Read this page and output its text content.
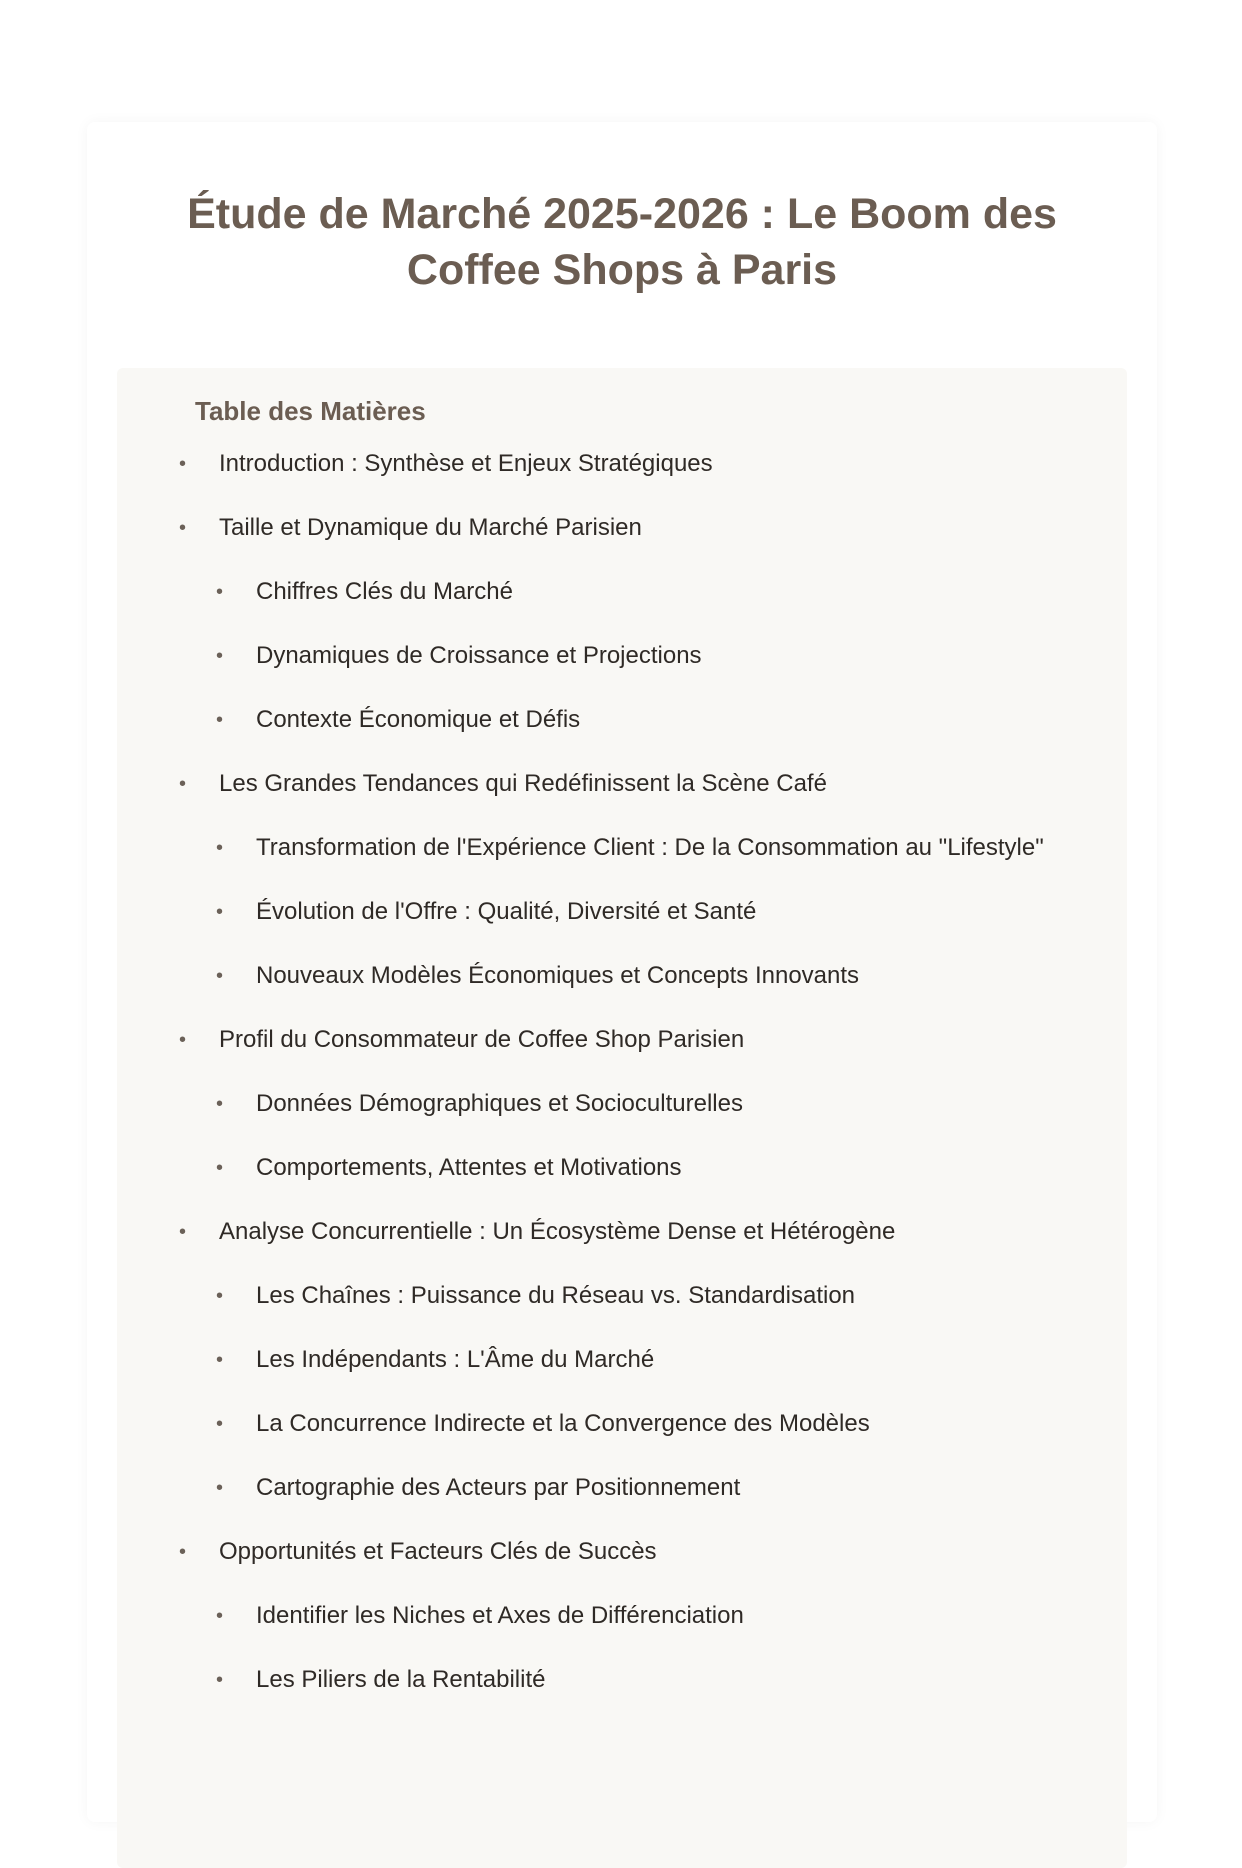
Étude de Marché 2025-2026 : Le Boom des
Coffee Shops à Paris
Table des Matières
• Introduction : Synthèse et Enjeux Stratégiques
• Taille et Dynamique du Marché Parisien
• Chiffres Clés du Marché
• Dynamiques de Croissance et Projections
• Contexte Économique et Défis
• Les Grandes Tendances qui Redéfinissent la Scène Café
• Transformation de l'Expérience Client : De la Consommation au "Lifestyle"
• Évolution de l'Offre : Qualité, Diversité et Santé
• Nouveaux Modèles Économiques et Concepts Innovants
• Profil du Consommateur de Coffee Shop Parisien
• Données Démographiques et Socioculturelles
• Comportements, Attentes et Motivations
• Analyse Concurrentielle : Un Écosystème Dense et Hétérogène
• Les Chaînes : Puissance du Réseau vs. Standardisation
• Les Indépendants : L'Âme du Marché
• La Concurrence Indirecte et la Convergence des Modèles
• Cartographie des Acteurs par Positionnement
• Opportunités et Facteurs Clés de Succès
• Identifier les Niches et Axes de Différenciation
• Les Piliers de la Rentabilité
